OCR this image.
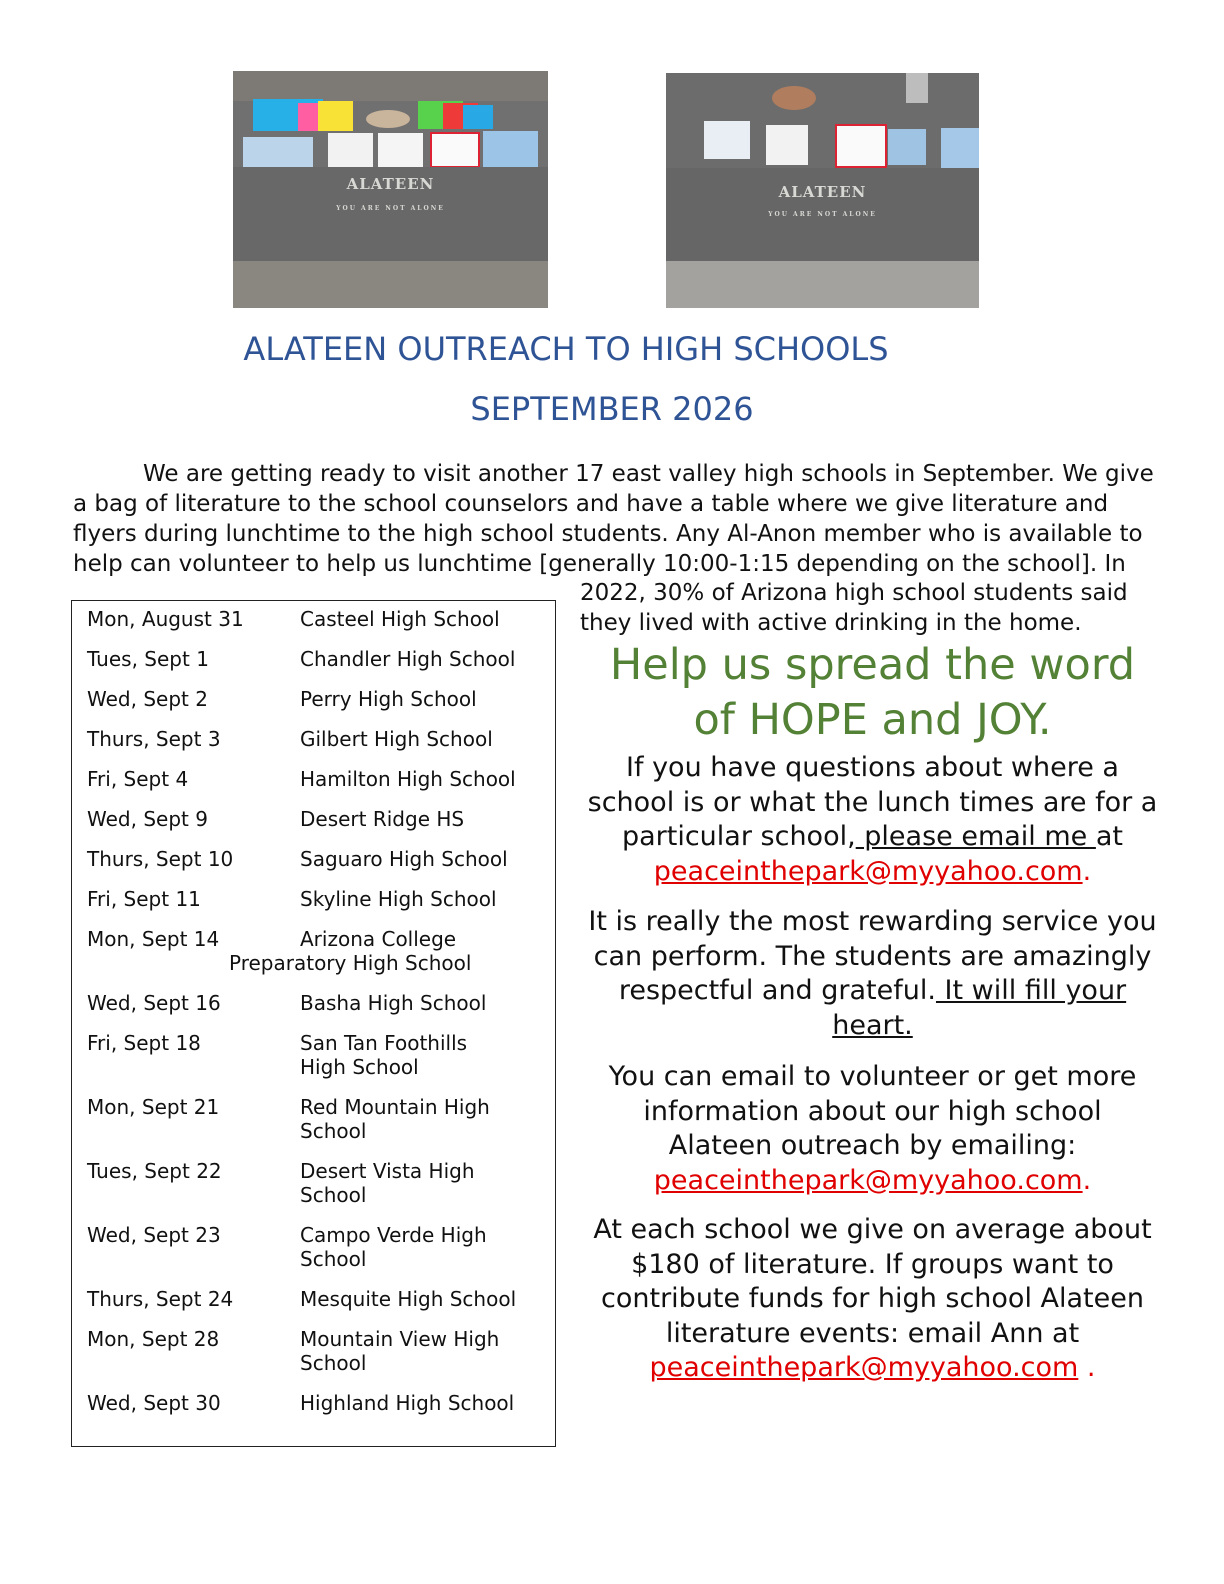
ALATEEN
YOU ARE NOT ALONE
ALATEEN
YOU ARE NOT ALONE
ALATEEN OUTREACH TO HIGH SCHOOLS
SEPTEMBER 2026

We are getting ready to visit another 17 east valley high schools in September. We give
a bag of literature to the school counselors and have a table where we give literature and
flyers during lunchtime to the high school students. Any Al-Anon member who is available to
help can volunteer to help us lunchtime [generally 10:00-1:15 depending on the school]. In

2022, 30% of Arizona high school students said
they lived with active drinking in the home.

Mon, August 31	Casteel High School
Tues, Sept 1	Chandler High School
Wed, Sept 2	Perry High School
Thurs, Sept 3	Gilbert High School
Fri, Sept 4	Hamilton High School
Wed, Sept 9	Desert Ridge HS
Thurs, Sept 10	Saguaro High School
Fri, Sept 11	Skyline High School
Mon, Sept 14	Arizona College
Preparatory High School
Wed, Sept 16	Basha High School
Fri, Sept 18	San Tan Foothills High School
Mon, Sept 21	Red Mountain High School
Tues, Sept 22	Desert Vista High School
Wed, Sept 23	Campo Verde High School
Thurs, Sept 24	Mesquite High School
Mon, Sept 28	Mountain View High School
Wed, Sept 30	Highland High School
Help us spread the word
of HOPE and JOY.
If you have questions about where a
school is or what the lunch times are for a
particular school, please email me at
peaceinthepark@myyahoo.com.
It is really the most rewarding service you
can perform. The students are amazingly
respectful and grateful. It will fill your
heart.
You can email to volunteer or get more
information about our high school
Alateen outreach by emailing:
peaceinthepark@myyahoo.com.
At each school we give on average about
$180 of literature. If groups want to
contribute funds for high school Alateen
literature events: email Ann at
peaceinthepark@myyahoo.com .
